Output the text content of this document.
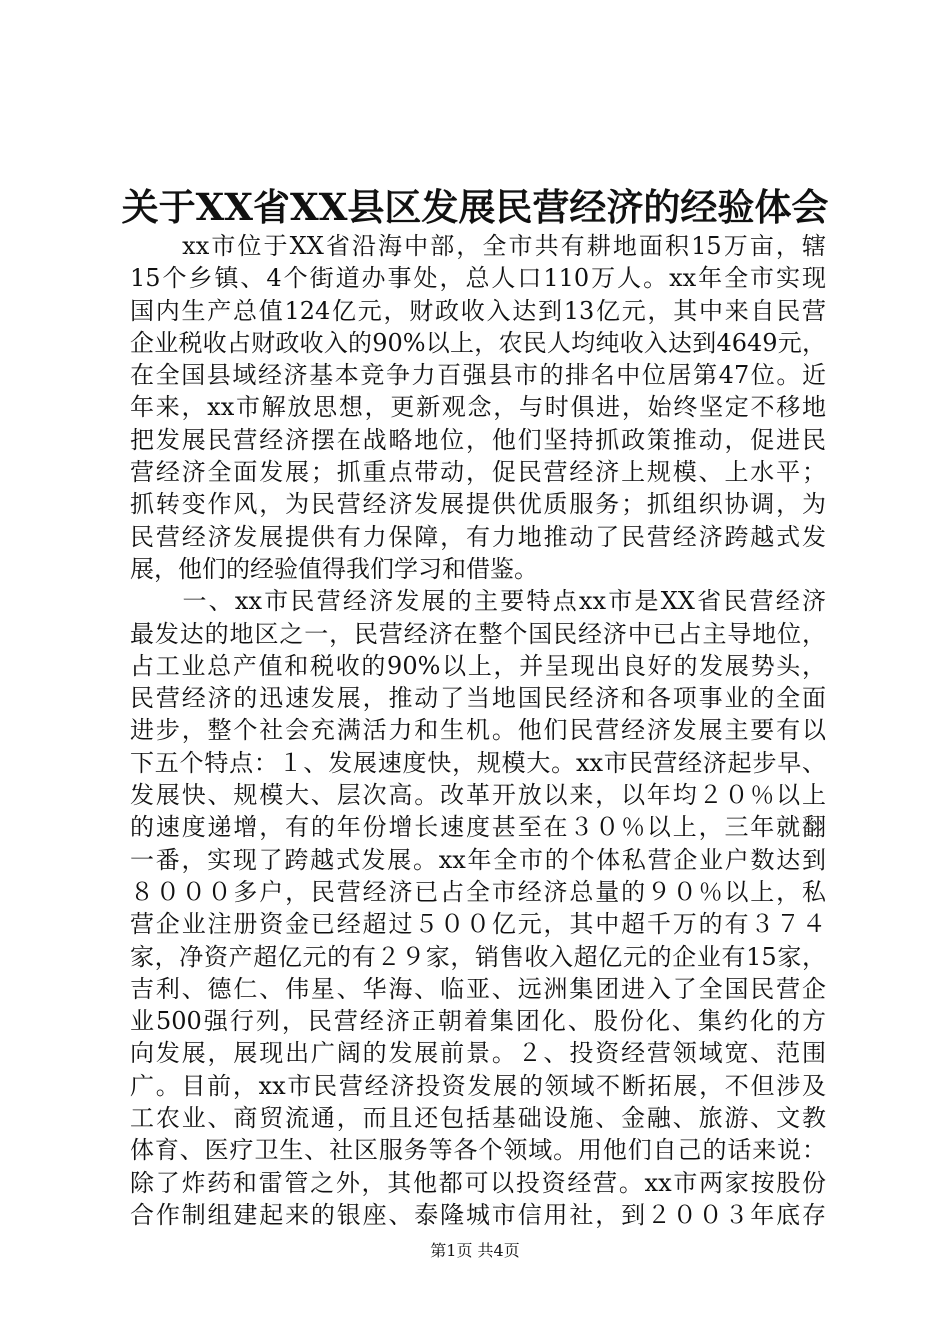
关于XX省XX县区发展民营经济的经验体会
　　xx市位于XX省沿海中部，全市共有耕地面积15万亩，辖
15个乡镇、4个街道办事处，总人口110万人。xx年全市实现
国内生产总值124亿元，财政收入达到13亿元，其中来自民营
企业税收占财政收入的90%以上，农民人均纯收入达到4649元，
在全国县域经济基本竞争力百强县市的排名中位居第47位。近
年来，xx市解放思想，更新观念，与时俱进，始终坚定不移地
把发展民营经济摆在战略地位，他们坚持抓政策推动，促进民
营经济全面发展；抓重点带动，促民营经济上规模、上水平；
抓转变作风，为民营经济发展提供优质服务；抓组织协调，为
民营经济发展提供有力保障，有力地推动了民营经济跨越式发
展，他们的经验值得我们学习和借鉴。
　　一、xx市民营经济发展的主要特点xx市是XX省民营经济
最发达的地区之一，民营经济在整个国民经济中已占主导地位，
占工业总产值和税收的90%以上，并呈现出良好的发展势头，
民营经济的迅速发展，推动了当地国民经济和各项事业的全面
进步，整个社会充满活力和生机。他们民营经济发展主要有以
下五个特点：１、发展速度快，规模大。xx市民营经济起步早、
发展快、规模大、层次高。改革开放以来，以年均２０％以上
的速度递增，有的年份增长速度甚至在３０％以上，三年就翻
一番，实现了跨越式发展。xx年全市的个体私营企业户数达到
８０００多户，民营经济已占全市经济总量的９０％以上，私
营企业注册资金已经超过５００亿元，其中超千万的有３７４
家，净资产超亿元的有２９家，销售收入超亿元的企业有15家，
吉利、德仁、伟星、华海、临亚、远洲集团进入了全国民营企
业500强行列，民营经济正朝着集团化、股份化、集约化的方
向发展，展现出广阔的发展前景。２、投资经营领域宽、范围
广。目前，xx市民营经济投资发展的领域不断拓展，不但涉及
工农业、商贸流通，而且还包括基础设施、金融、旅游、文教
体育、医疗卫生、社区服务等各个领域。用他们自己的话来说：
除了炸药和雷管之外，其他都可以投资经营。xx市两家按股份
合作制组建起来的银座、泰隆城市信用社，到２００３年底存
第1页 共4页
